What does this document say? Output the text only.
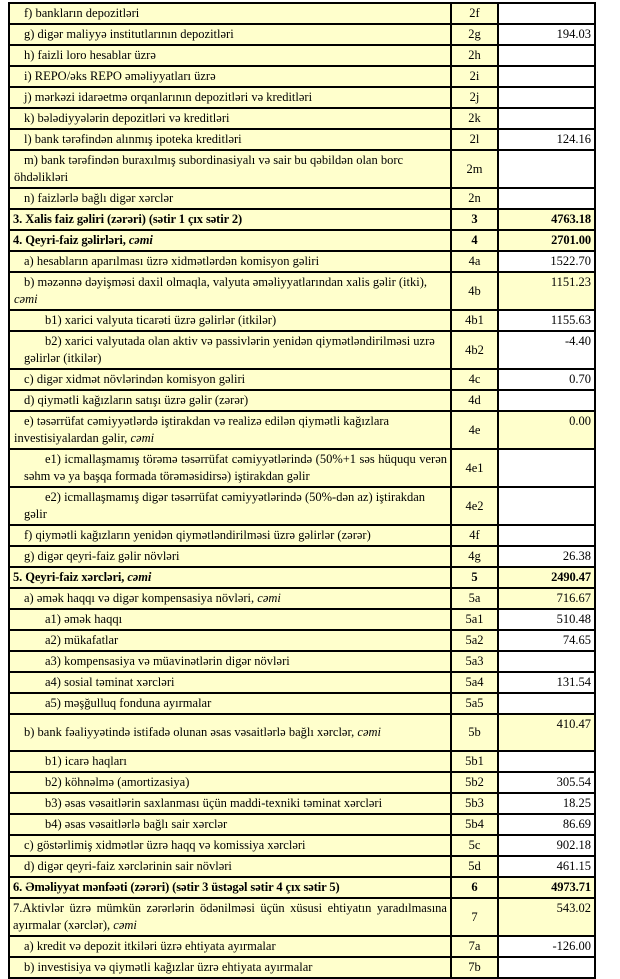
f) bankların depozitləri	2f	
g) digər maliyyə institutlarının depozitləri	2g	194.03
h) faizli loro hesablar üzrə	2h	
i) REPO/əks REPO əməliyyatları üzrə	2i	
j) mərkəzi idarəetmə orqanlarının depozitləri və kreditləri	2j	
k) bələdiyyələrin depozitləri və kreditləri	2k	
l) bank tərəfindən alınmış ipoteka kreditləri	2l	124.16
m) bank tərəfindən buraxılmış subordinasiyalı və sair bu qəbildən olan borc öhdəlikləri	2m	
n) faizlərlə bağlı digər xərclər	2n	
3. Xalis faiz gəliri (zərəri) (sətir 1 çıx sətir 2)	3	4763.18
4. Qeyri-faiz gəlirləri, cəmi	4	2701.00
a) hesabların aparılması üzrə xidmətlərdən komisyon gəliri	4a	1522.70
b) məzənnə dəyişməsi daxil olmaqla, valyuta əməliyyatlarından xalis gəlir (itki), cəmi	4b	1151.23
b1) xarici valyuta ticarəti üzrə gəlirlər (itkilər)	4b1	1155.63
b2) xarici valyutada olan aktiv və passivlərin yenidən qiymətləndirilməsi uzrə gəlirlər (itkilər)	4b2	-4.40
c) digər xidmət növlərindən komisyon gəliri	4c	0.70
d) qiymətli kağızların satışı üzrə gəlir (zərər)	4d	
e) təsərrüfat cəmiyyətlərdə iştirakdan və realizə edilən qiymətli kağızlara investisiyalardan gəlir, cəmi	4e	0.00
e1) icmallaşmamış törəmə təsərrüfat cəmiyyətlərində (50%+1 səs hüququ verən səhm və ya başqa formada törəməsidirsə) iştirakdan gəlir	4e1	
e2) icmallaşmamış digər təsərrüfat cəmiyyətlərində (50%-dən az) iştirakdan gəlir	4e2	
f) qiymətli kağızların yenidən qiymətləndirilməsi üzrə gəlirlər (zərər)	4f	
g) digər qeyri-faiz gəlir növləri	4g	26.38
5. Qeyri-faiz xərcləri, cəmi	5	2490.47
a) əmək haqqı və digər kompensasiya növləri, cəmi	5a	716.67
a1) əmək haqqı	5a1	510.48
a2) mükafatlar	5a2	74.65
a3) kompensasiya və müavinətlərin digər növləri	5a3	
a4) sosial təminat xərcləri	5a4	131.54
a5) məşğulluq fonduna ayırmalar	5a5	
b) bank fəaliyyətində istifadə olunan əsas vəsaitlərlə bağlı xərclər, cəmi	5b	410.47
b1) icarə haqları	5b1	
b2) köhnəlmə (amortizasiya)	5b2	305.54
b3) əsas vəsaitlərin saxlanması üçün maddi-texniki təminat xərcləri	5b3	18.25
b4) əsas vəsaitlərlə bağlı sair xərclər	5b4	86.69
c) göstərlimiş xidmətlər üzrə haqq və komissiya xərcləri	5c	902.18
d) digər qeyri-faiz xərclərinin sair növləri	5d	461.15
6. Əməliyyat mənfəəti (zərəri) (sətir 3 üstəgəl sətir 4 çıx sətir 5)	6	4973.71
7.Aktivlər üzrə mümkün zərərlərin ödənilməsi üçün xüsusi ehtiyatın yaradılmasına ayırmalar (xərclər), cəmi	7	543.02
a) kredit və depozit itkiləri üzrə ehtiyata ayırmalar	7a	-126.00
b) investisiya və qiymətli kağızlar üzrə ehtiyata ayırmalar	7b	
